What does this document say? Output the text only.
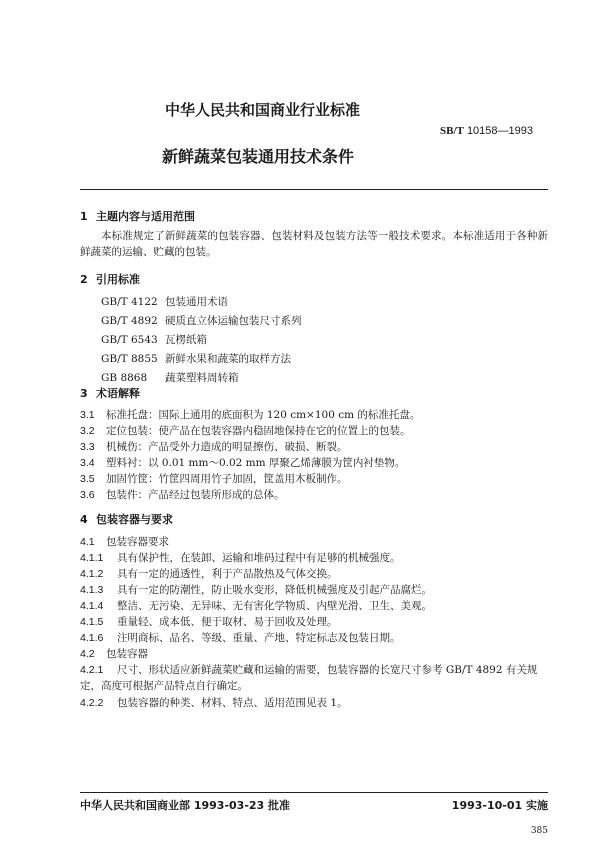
中华人民共和国商业行业标准
SB/T 10158—1993
新鲜蔬菜包装通用技术条件
1 主题内容与适用范围
本标准规定了新鲜蔬菜的包装容器、包装材料及包装方法等一般技术要求。本标准适用于各种新鲜蔬菜的运输、贮藏的包装。
2 引用标准
GB/T 4122 包装通用术语
GB/T 4892 硬质直立体运输包装尺寸系列
GB/T 6543 瓦楞纸箱
GB/T 8855 新鲜水果和蔬菜的取样方法
GB 8868 蔬菜塑料周转箱
3 术语解释
3.1 标准托盘：国际上通用的底面积为 120 cm×100 cm 的标准托盘。
3.2 定位包装：使产品在包装容器内稳固地保持在它的位置上的包装。
3.3 机械伤：产品受外力造成的明显擦伤、破损、断裂。
3.4 塑料衬：以 0.01 mm～0.02 mm 厚聚乙烯薄膜为筐内衬垫物。
3.5 加固竹筐：竹筐四周用竹子加固，筐盖用木板制作。
3.6 包装件：产品经过包装所形成的总体。
4 包装容器与要求
4.1 包装容器要求
4.1.1 具有保护性，在装卸、运输和堆码过程中有足够的机械强度。
4.1.2 具有一定的通透性，利于产品散热及气体交换。
4.1.3 具有一定的防潮性，防止吸水变形，降低机械强度及引起产品腐烂。
4.1.4 整洁、无污染、无异味、无有害化学物质、内壁光滑、卫生、美观。
4.1.5 重量轻、成本低、便于取材、易于回收及处理。
4.1.6 注明商标、品名、等级、重量、产地、特定标志及包装日期。
4.2 包装容器
4.2.1 尺寸、形状适应新鲜蔬菜贮藏和运输的需要，包装容器的长宽尺寸参考 GB/T 4892 有关规定，高度可根据产品特点自行确定。
4.2.2 包装容器的种类、材料、特点、适用范围见表 1。
中华人民共和国商业部 1993-03-23 批准	1993-10-01 实施
385
